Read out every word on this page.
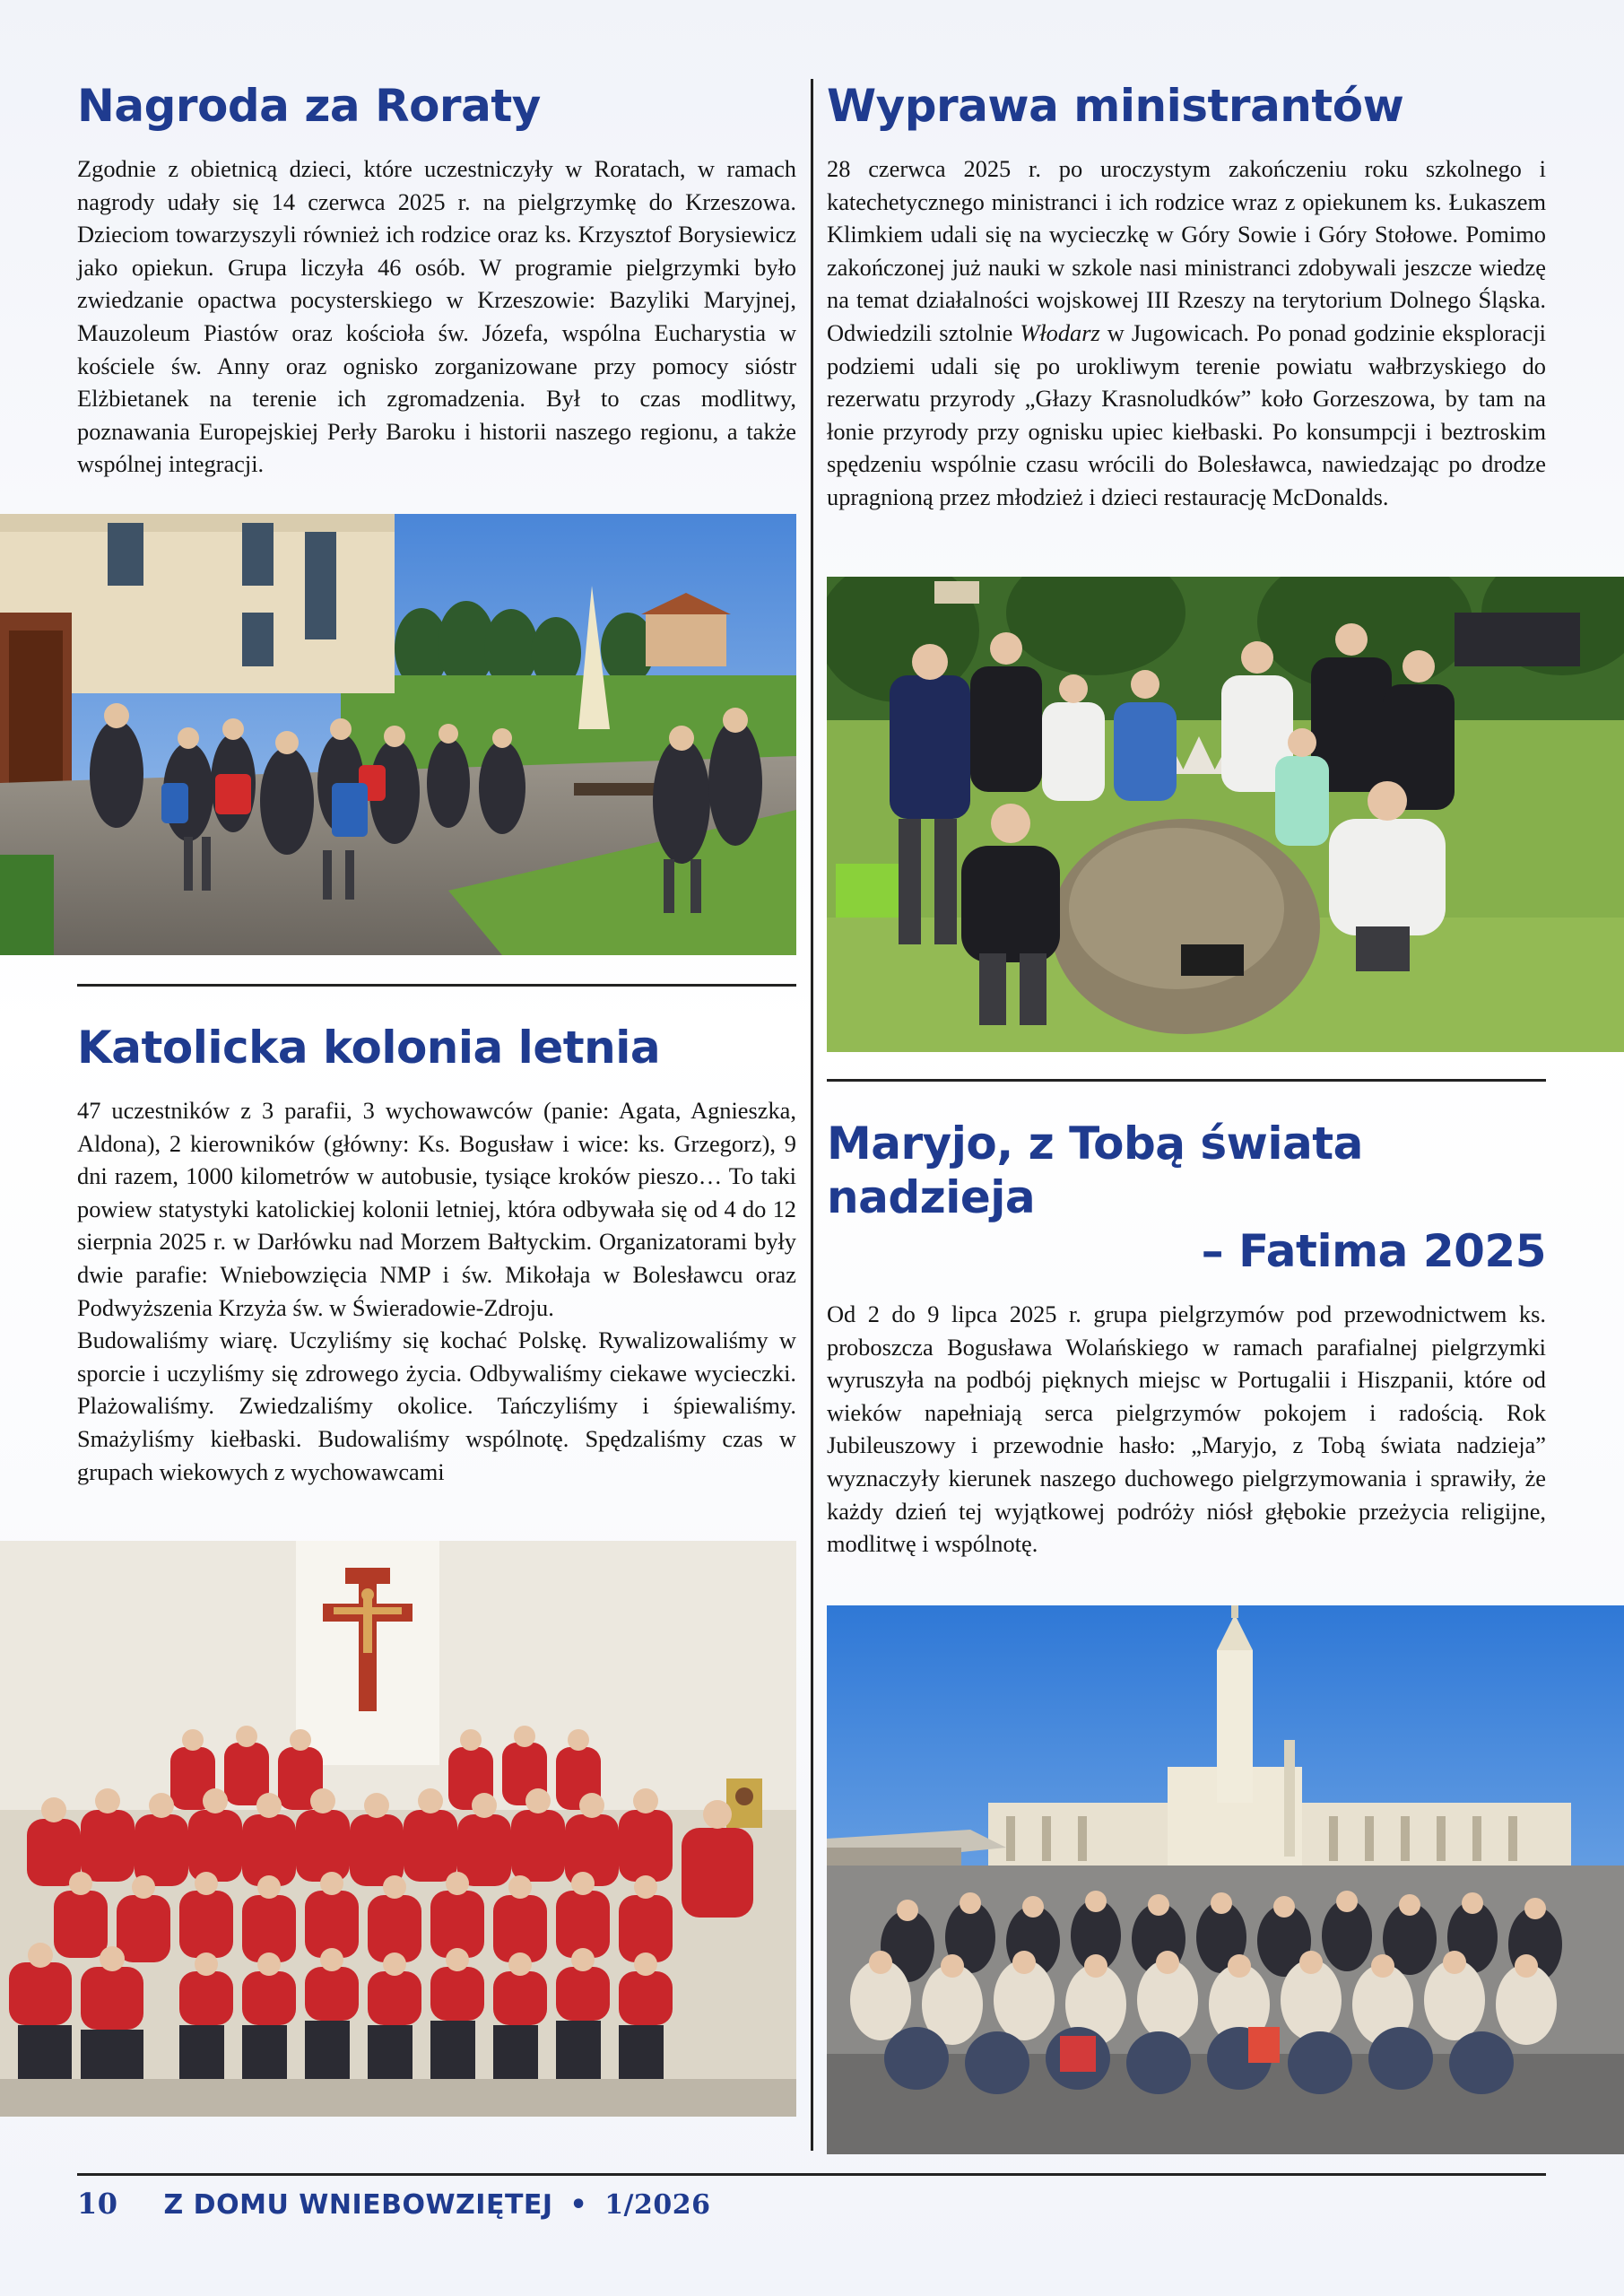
Nagroda za Roraty
Zgodnie z obietnicą dzieci, które uczestniczyły w Roratach, w ramach nagrody udały się 14 czerwca 2025 r. na pielgrzymkę do Krzeszowa. Dzieciom towarzyszyli również ich rodzice oraz ks. Krzysztof Borysiewicz jako opiekun. Grupa liczyła 46 osób. W programie pielgrzymki było zwiedzanie opactwa pocysterskiego w Krzeszowie: Bazyliki Maryjnej, Mauzoleum Piastów oraz kościoła św. Józefa, wspólna Eucharystia w kościele św. Anny oraz ognisko zorganizowane przy pomocy sióstr Elżbietanek na terenie ich zgromadzenia. Był to czas modlitwy, poznawania Europejskiej Perły Baroku i historii naszego regionu, a także wspólnej integracji.
Katolicka kolonia letnia

47 uczestników z 3 parafii, 3 wychowawców (panie: Agata, Agnieszka, Aldona), 2 kierowników (główny: Ks. Bogusław i wice: ks. Grzegorz), 9 dni razem, 1000 kilometrów w autobusie, tysiące kroków pieszo… To taki powiew statystyki katolickiej kolonii letniej, która odbywała się od 4 do 12 sierpnia 2025 r. w Darłówku nad Morzem Bałtyckim. Organizatorami były dwie parafie: Wniebowzięcia NMP i św. Mikołaja w Bolesławcu oraz Podwyższenia Krzyża św. w Świeradowie-Zdroju.

Budowaliśmy wiarę. Uczyliśmy się kochać Polskę. Rywalizowaliśmy w sporcie i uczyliśmy się zdrowego życia. Odbywaliśmy ciekawe wycieczki. Plażowaliśmy. Zwiedzaliśmy okolice. Tańczyliśmy i śpiewaliśmy. Smażyliśmy kiełbaski. Budowaliśmy wspólnotę. Spędzaliśmy czas w grupach wiekowych z wychowawcami

Wyprawa ministrantów
28 czerwca 2025 r. po uroczystym zakończeniu roku szkolnego i katechetycznego ministranci i ich rodzice wraz z opiekunem ks. Łukaszem Klimkiem udali się na wycieczkę w Góry Sowie i Góry Stołowe. Pomimo zakończonej już nauki w szkole nasi ministranci zdobywali jeszcze wiedzę na temat działalności wojskowej III Rzeszy na terytorium Dolnego Śląska. Odwiedzili sztolnie Włodarz w Jugowicach. Po ponad godzinie eksploracji podziemi udali się po urokliwym terenie powiatu wałbrzyskiego do rezerwatu przyrody „Głazy Krasnoludków” koło Gorzeszowa, by tam na łonie przyrody przy ognisku upiec kiełbaski. Po konsumpcji i beztroskim spędzeniu wspólnie czasu wrócili do Bolesławca, nawiedzając po drodze upragnioną przez młodzież i dzieci restaurację McDonalds.
Maryjo, z Tobą świata nadzieja
– Fatima 2025
Od 2 do 9 lipca 2025 r. grupa pielgrzymów pod przewodnictwem ks. proboszcza Bogusława Wolańskiego w ramach parafialnej pielgrzymki wyruszyła na podbój pięknych miejsc w Portugalii i Hiszpanii, które od wieków napełniają serca pielgrzymów pokojem i radością. Rok Jubileuszowy i przewodnie hasło: „Maryjo, z Tobą świata nadzieja” wyznaczyły kierunek naszego duchowego pielgrzymowania i sprawiły, że każdy dzień tej wyjątkowej podróży niósł głębokie przeżycia religijne, modlitwę i wspólnotę.
10 Z DOMU WNIEBOWZIĘTEJ • 1/2026
